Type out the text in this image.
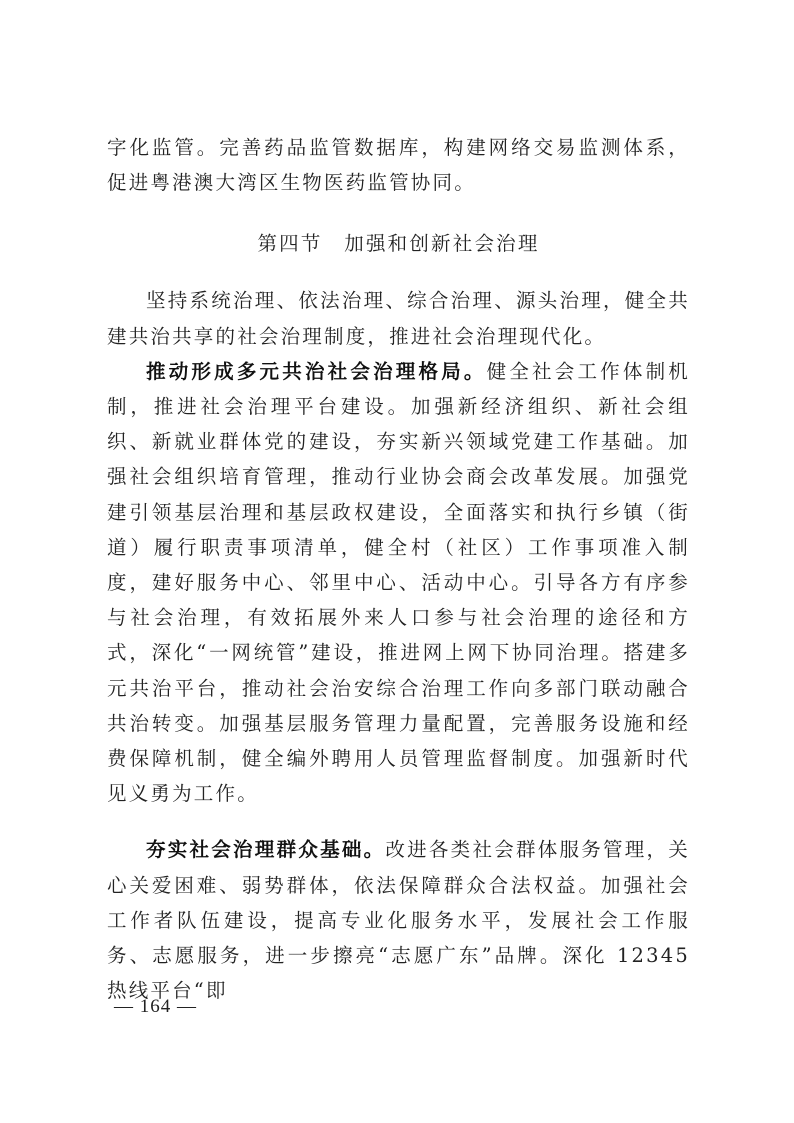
字化监管。完善药品监管数据库，构建网络交易监测体系，促进粤港澳大湾区生物医药监管协同。

第四节　加强和创新社会治理

坚持系统治理、依法治理、综合治理、源头治理，健全共建共治共享的社会治理制度，推进社会治理现代化。

推动形成多元共治社会治理格局。健全社会工作体制机制，推进社会治理平台建设。加强新经济组织、新社会组织、新就业群体党的建设，夯实新兴领域党建工作基础。加强社会组织培育管理，推动行业协会商会改革发展。加强党建引领基层治理和基层政权建设，全面落实和执行乡镇（街道）履行职责事项清单，健全村（社区）工作事项准入制度，建好服务中心、邻里中心、活动中心。引导各方有序参与社会治理，有效拓展外来人口参与社会治理的途径和方式，深化“一网统管”建设，推进网上网下协同治理。搭建多元共治平台，推动社会治安综合治理工作向多部门联动融合共治转变。加强基层服务管理力量配置，完善服务设施和经费保障机制，健全编外聘用人员管理监督制度。加强新时代见义勇为工作。

夯实社会治理群众基础。改进各类社会群体服务管理，关心关爱困难、弱势群体，依法保障群众合法权益。加强社会工作者队伍建设，提高专业化服务水平，发展社会工作服务、志愿服务，进一步擦亮“志愿广东”品牌。深化 12345 热线平台“即

— 164 —
